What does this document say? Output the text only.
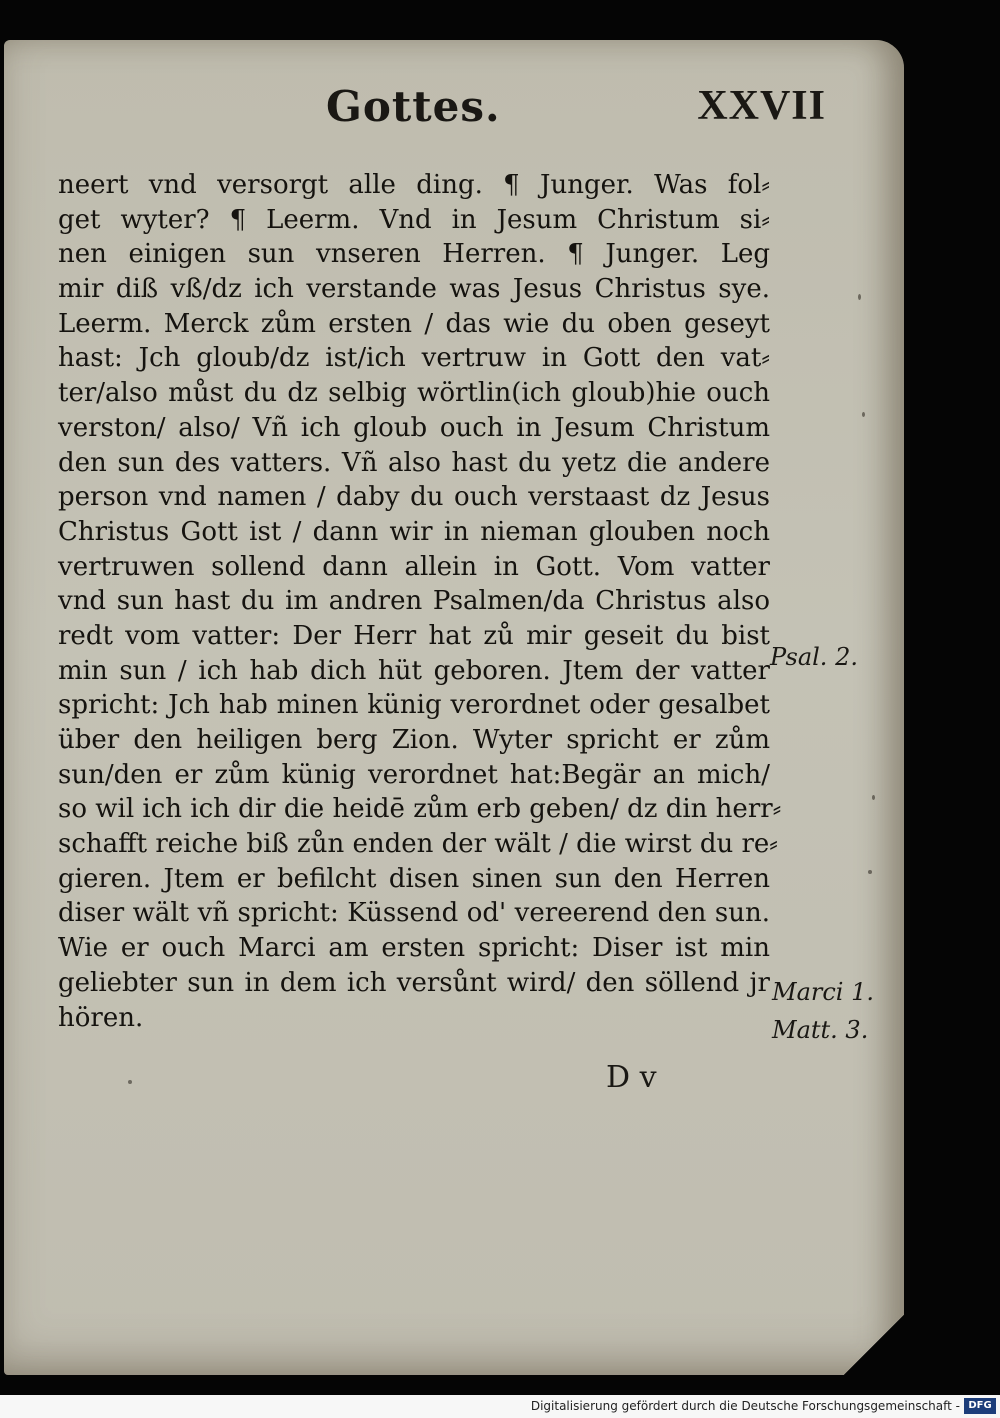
Gottes.	XXVII
neert vnd versorgt alle ding. ¶ Junger. Was fol⸗
get wyter? ¶ Leerm. Vnd in Jesum Christum si⸗
nen einigen sun vnseren Herren. ¶ Junger. Leg
mir diß vß/dz ich verstande was Jesus Christus sye.
Leerm. Merck zům ersten / das wie du oben geseyt
hast: Jch gloub/dz ist/ich vertruw in Gott den vat⸗
ter/also můst du dz selbig wörtlin(ich gloub)hie ouch
verston/ also/ Vñ ich gloub ouch in Jesum Christum
den sun des vatters. Vñ also hast du yetz die andere
person vnd namen / daby du ouch verstaast dz Jesus
Christus Gott ist / dann wir in nieman glouben noch
vertruwen sollend dann allein in Gott. Vom vatter
vnd sun hast du im andren Psalmen/da Christus also
redt vom vatter: Der Herr hat zů mir geseit du bist
min sun / ich hab dich hüt geboren. Jtem der vatter
spricht: Jch hab minen künig verordnet oder gesalbet
über den heiligen berg Zion. Wyter spricht er zům
sun/den er zům künig verordnet hat:Begär an mich/
so wil ich ich dir die heidē zům erb geben/ dz din herr⸗
schafft reiche biß zůn enden der wält / die wirst du re⸗
gieren. Jtem er befilcht disen sinen sun den Herren
diser wält vñ spricht: Küssend od' vereerend den sun.
Wie er ouch Marci am ersten spricht: Diser ist min
geliebter sun in dem ich versůnt wird/ den söllend jr
hören.
Psal. 2.
Marci 1.
Matt. 3.
D v
Digitalisierung gefördert durch die Deutsche Forschungsgemeinschaft - DFG
